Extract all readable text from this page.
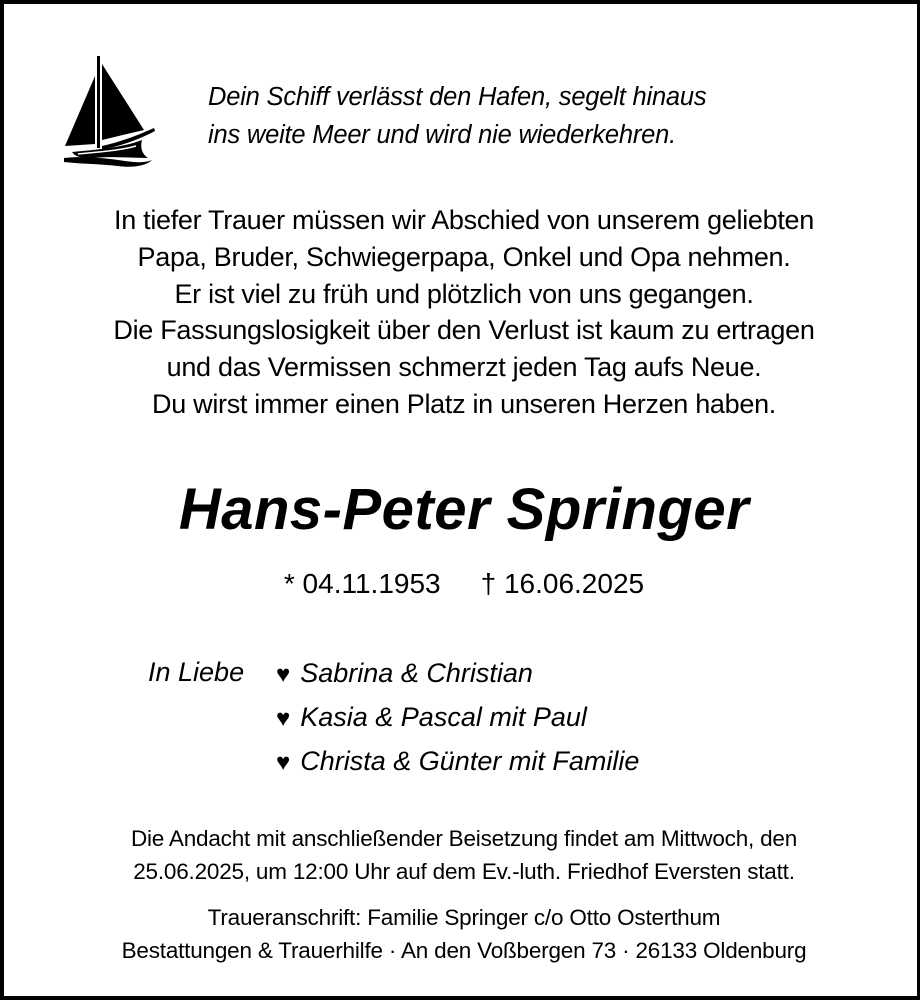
Dein Schiff verlässt den Hafen, segelt hinaus
ins weite Meer und wird nie wiederkehren.
In tiefer Trauer müssen wir Abschied von unserem geliebten
Papa, Bruder, Schwiegerpapa, Onkel und Opa nehmen.
Er ist viel zu früh und plötzlich von uns gegangen.
Die Fassungslosigkeit über den Verlust ist kaum zu ertragen
und das Vermissen schmerzt jeden Tag aufs Neue.
Du wirst immer einen Platz in unseren Herzen haben.
Hans-Peter Springer
* 04.11.1953 † 16.06.2025
In Liebe ♥ Sabrina & Christian
♥ Kasia & Pascal mit Paul
♥ Christa & Günter mit Familie
Die Andacht mit anschließender Beisetzung findet am Mittwoch, den
25.06.2025, um 12:00 Uhr auf dem Ev.-luth. Friedhof Eversten statt.
Traueranschrift: Familie Springer c/o Otto Osterthum
Bestattungen & Trauerhilfe · An den Voßbergen 73 · 26133 Oldenburg
